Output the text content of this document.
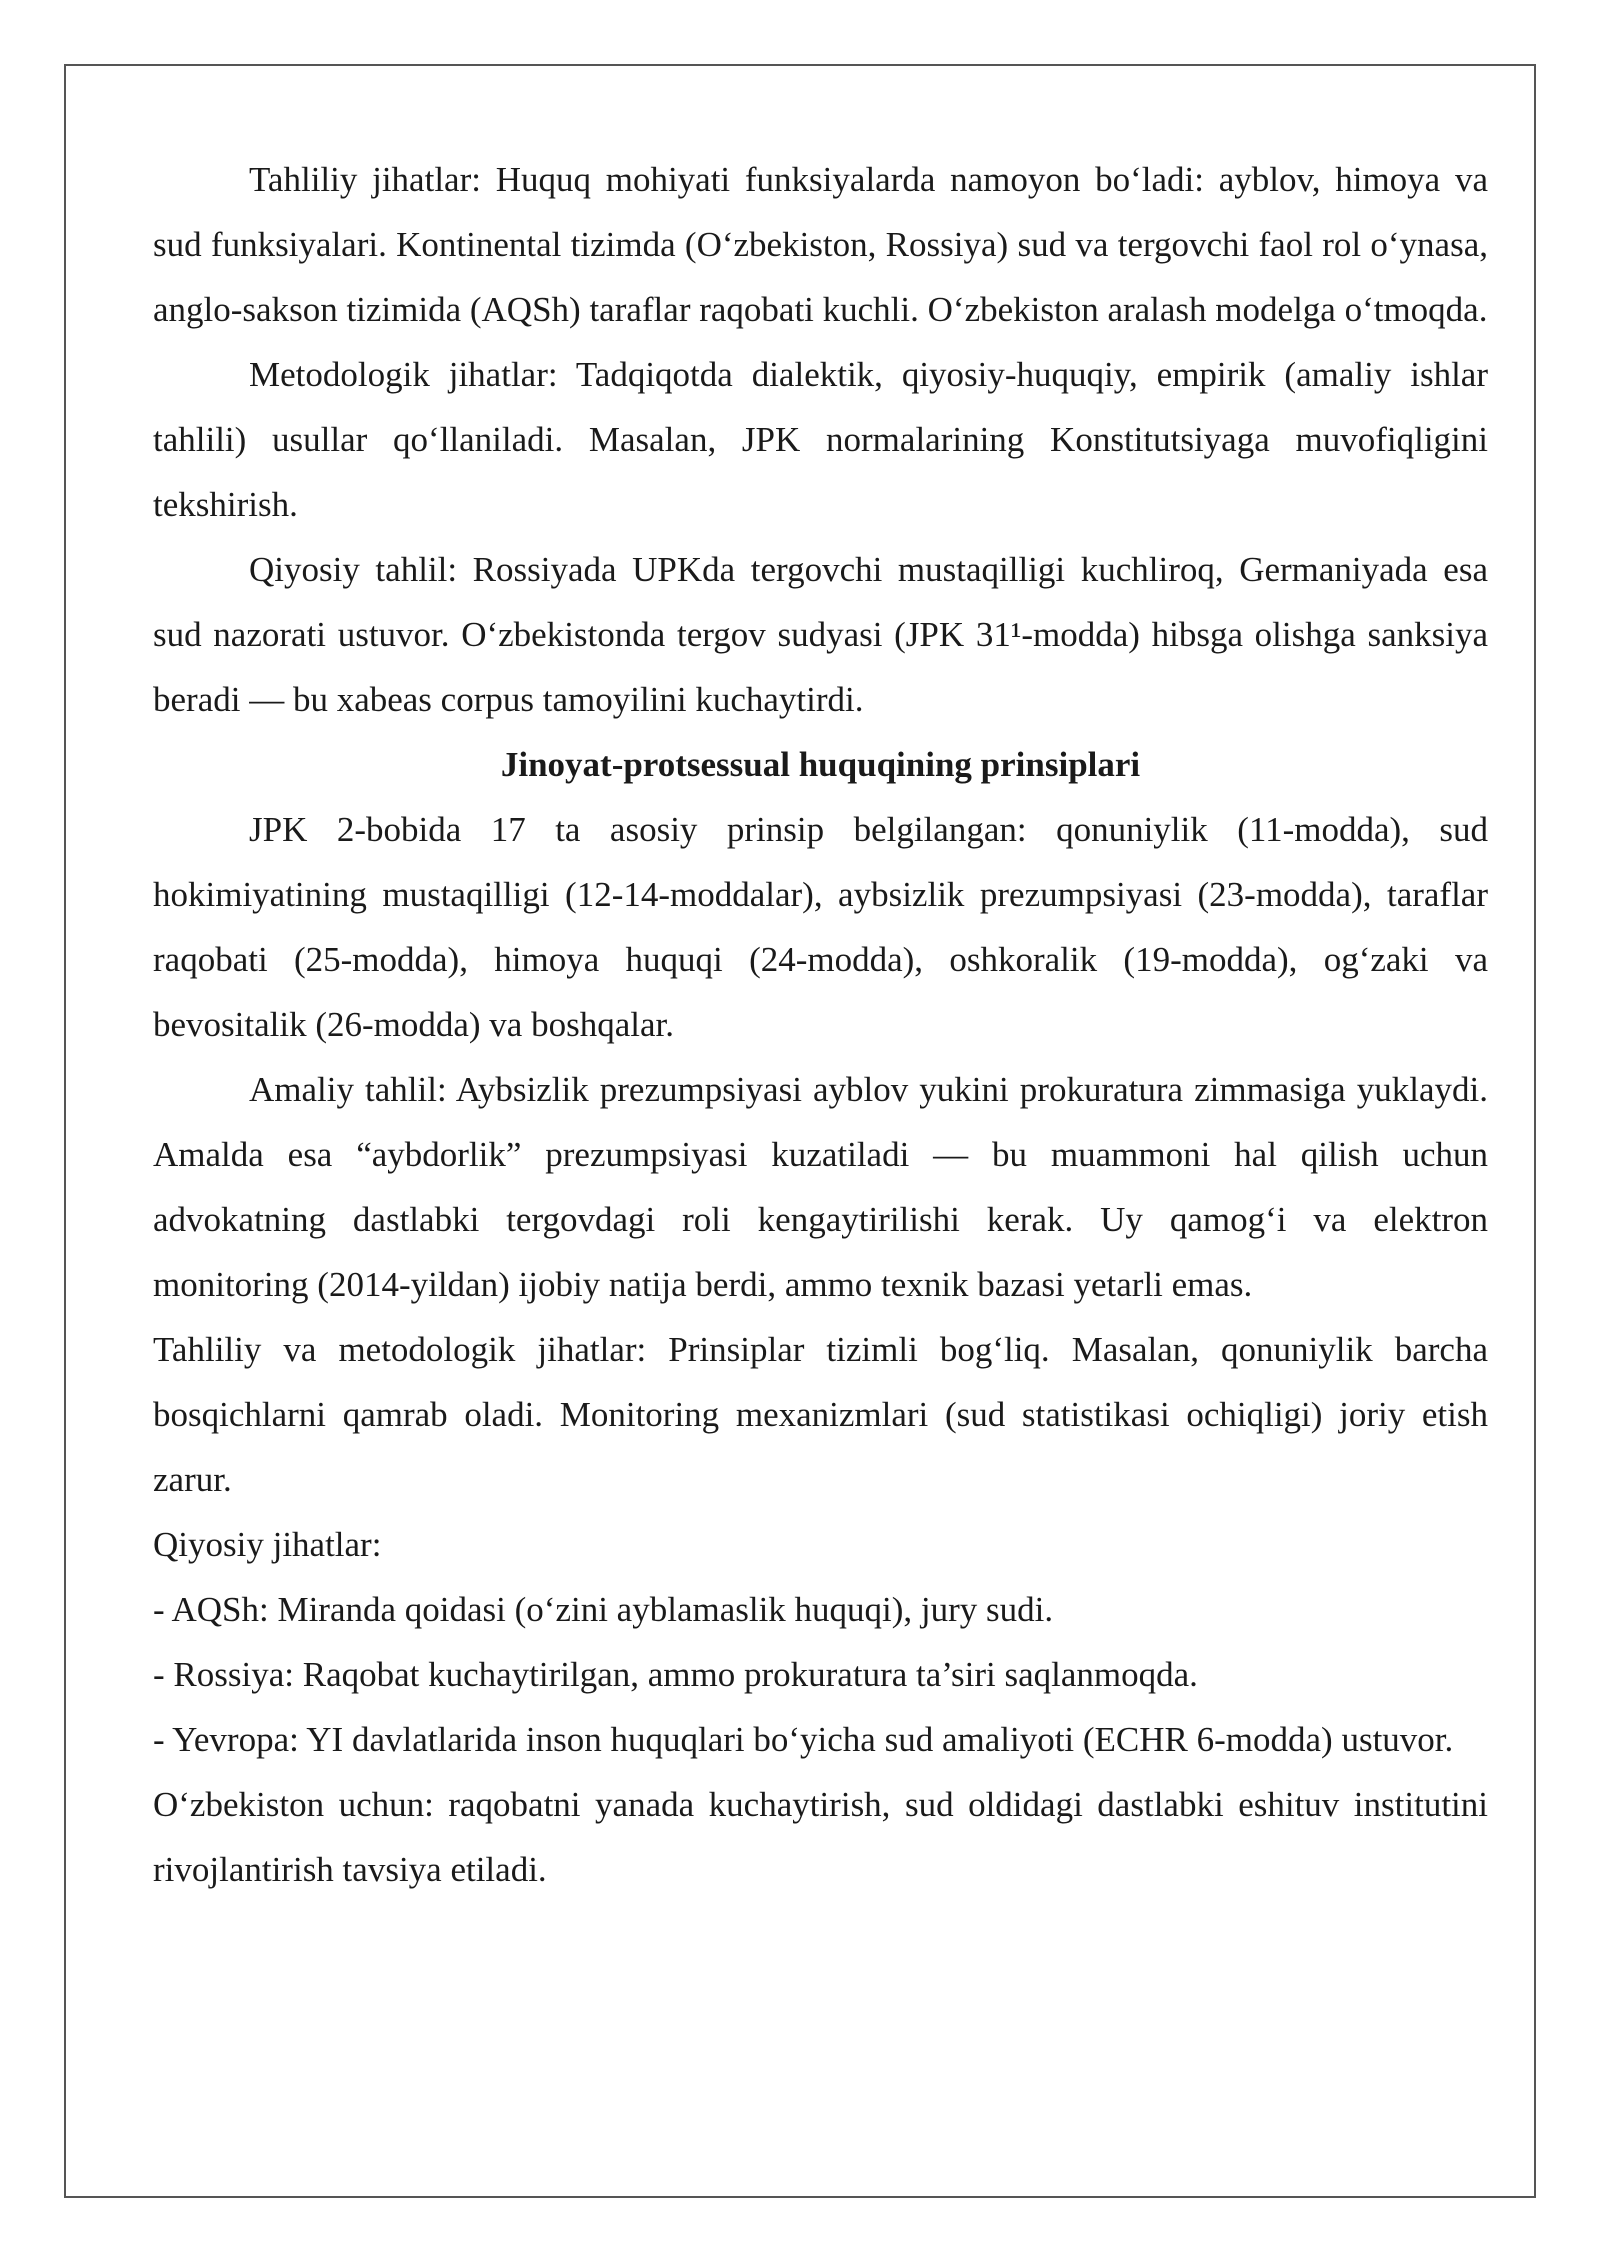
Tahliliy jihatlar: Huquq mohiyati funksiyalarda namoyon bo‘ladi: ayblov, himoya va sud funksiyalari. Kontinental tizimda (O‘zbekiston, Rossiya) sud va tergovchi faol rol o‘ynasa, anglo-sakson tizimida (AQSh) taraflar raqobati kuchli. O‘zbekiston aralash modelga o‘tmoqda.

Metodologik jihatlar: Tadqiqotda dialektik, qiyosiy-huquqiy, empirik (amaliy ishlar tahlili) usullar qo‘llaniladi. Masalan, JPK normalarining Konstitutsiyaga muvofiqligini tekshirish.

Qiyosiy tahlil: Rossiyada UPKda tergovchi mustaqilligi kuchliroq, Germaniyada esa sud nazorati ustuvor. O‘zbekistonda tergov sudyasi (JPK 31¹-modda) hibsga olishga sanksiya beradi — bu xabeas corpus tamoyilini kuchaytirdi.

Jinoyat-protsessual huquqining prinsiplari

JPK 2-bobida 17 ta asosiy prinsip belgilangan: qonuniylik (11-modda), sud hokimiyatining mustaqilligi (12-14-moddalar), aybsizlik prezumpsiyasi (23-modda), taraflar raqobati (25-modda), himoya huquqi (24-modda), oshkoralik (19-modda), og‘zaki va bevositalik (26-modda) va boshqalar.

Amaliy tahlil: Aybsizlik prezumpsiyasi ayblov yukini prokuratura zimmasiga yuklaydi. Amalda esa “aybdorlik” prezumpsiyasi kuzatiladi — bu muammoni hal qilish uchun advokatning dastlabki tergovdagi roli kengaytirilishi kerak. Uy qamog‘i va elektron monitoring (2014-yildan) ijobiy natija berdi, ammo texnik bazasi yetarli emas.

Tahliliy va metodologik jihatlar: Prinsiplar tizimli bog‘liq. Masalan, qonuniylik barcha bosqichlarni qamrab oladi. Monitoring mexanizmlari (sud statistikasi ochiqligi) joriy etish zarur.

Qiyosiy jihatlar:

- AQSh: Miranda qoidasi (o‘zini ayblamaslik huquqi), jury sudi.

- Rossiya: Raqobat kuchaytirilgan, ammo prokuratura ta’siri saqlanmoqda.

- Yevropa: YI davlatlarida inson huquqlari bo‘yicha sud amaliyoti (ECHR 6-modda) ustuvor.

O‘zbekiston uchun: raqobatni yanada kuchaytirish, sud oldidagi dastlabki eshituv institutini rivojlantirish tavsiya etiladi.
